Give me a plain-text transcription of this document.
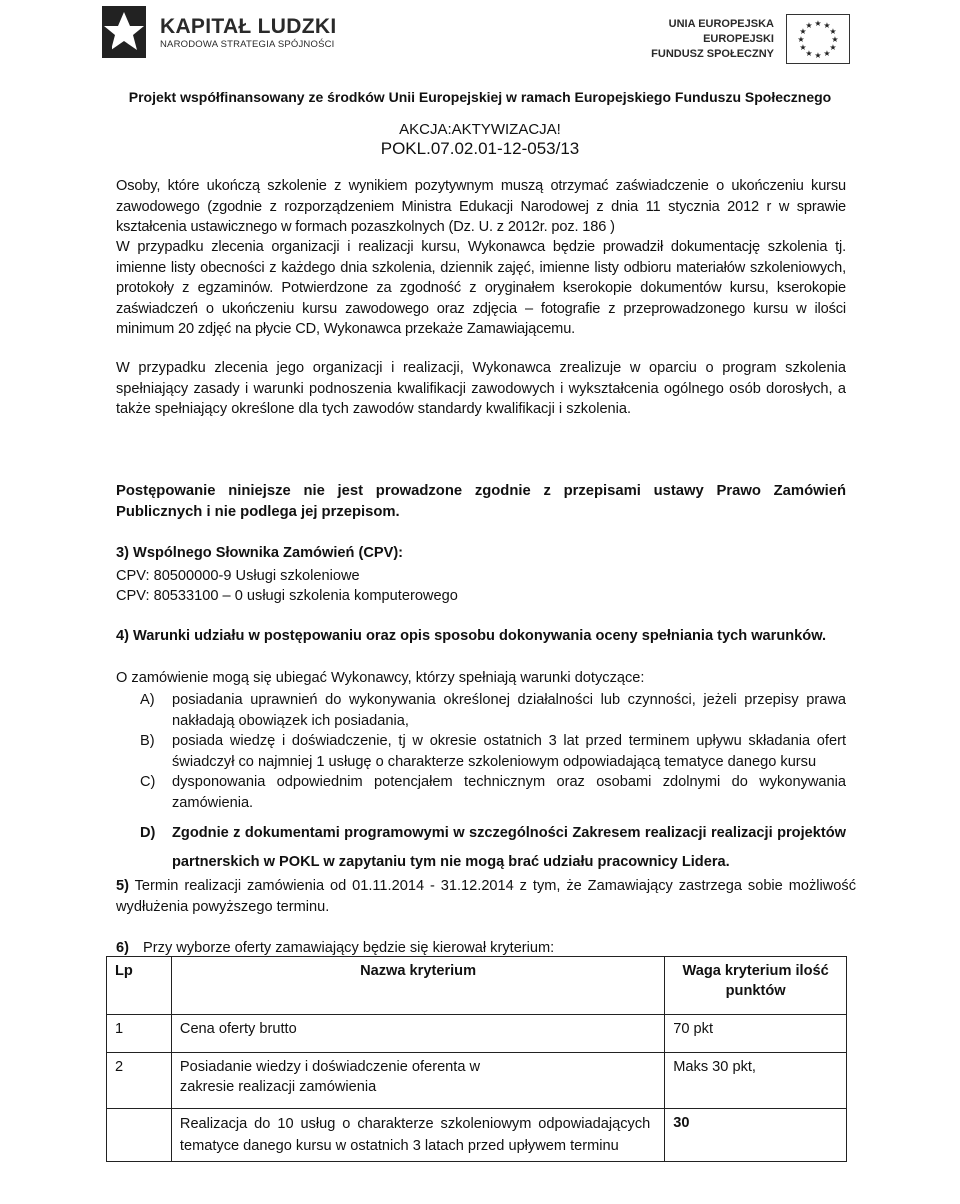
KAPITAŁ LUDZKI
NARODOWA STRATEGIA SPÓJNOŚCI
UNIA EUROPEJSKA
EUROPEJSKI
FUNDUSZ SPOŁECZNY
★ ★
★
★
★
★
★
★
★
★
★
★
Projekt współfinansowany ze środków Unii Europejskiej w ramach Europejskiego Funduszu Społecznego
AKCJA:AKTYWIZACJA!
POKL.07.02.01-12-053/13
Osoby, które ukończą szkolenie z wynikiem pozytywnym muszą otrzymać zaświadczenie o ukończeniu kursu zawodowego (zgodnie z rozporządzeniem Ministra Edukacji Narodowej z dnia 11 stycznia 2012 r w sprawie kształcenia ustawicznego w formach pozaszkolnych (Dz. U. z 2012r. poz. 186 )
W przypadku zlecenia organizacji i realizacji kursu, Wykonawca będzie prowadził dokumentację szkolenia tj. imienne listy obecności z każdego dnia szkolenia, dziennik zajęć, imienne listy odbioru materiałów szkoleniowych, protokoły z egzaminów. Potwierdzone za zgodność z oryginałem kserokopie dokumentów kursu, kserokopie zaświadczeń o ukończeniu kursu zawodowego oraz zdjęcia – fotografie z przeprowadzonego kursu w ilości minimum 20 zdjęć na płycie CD, Wykonawca przekaże Zamawiającemu.
W przypadku zlecenia jego organizacji i realizacji, Wykonawca zrealizuje w oparciu o program szkolenia spełniający zasady i warunki podnoszenia kwalifikacji zawodowych i wykształcenia ogólnego osób dorosłych, a także spełniający określone dla tych zawodów standardy kwalifikacji i szkolenia.
Postępowanie niniejsze nie jest prowadzone zgodnie z przepisami ustawy Prawo Zamówień Publicznych i nie podlega jej przepisom.
3) Wspólnego Słownika Zamówień (CPV):
CPV: 80500000-9 Usługi szkoleniowe
CPV: 80533100 – 0 usługi szkolenia komputerowego
4) Warunki udziału w postępowaniu oraz opis sposobu dokonywania oceny spełniania tych warunków.
O zamówienie mogą się ubiegać Wykonawcy, którzy spełniają warunki dotyczące:
A)	posiadania uprawnień do wykonywania określonej działalności lub czynności, jeżeli przepisy prawa nakładają obowiązek ich posiadania,
B)	posiada wiedzę i doświadczenie, tj w okresie ostatnich 3 lat przed terminem upływu składania ofert świadczył co najmniej 1 usługę o charakterze szkoleniowym odpowiadającą tematyce danego kursu
C)	dysponowania odpowiednim potencjałem technicznym oraz osobami zdolnymi do wykonywania zamówienia.
D)	Zgodnie z dokumentami programowymi w szczególności Zakresem realizacji realizacji projektów partnerskich w POKL w zapytaniu tym nie mogą brać udziału pracownicy Lidera.
5) Termin realizacji zamówienia od 01.11.2014 - 31.12.2014 z tym, że Zamawiający zastrzega sobie możliwość wydłużenia powyższego terminu.
6) Przy wyborze oferty zamawiający będzie się kierował kryterium:
Lp	Nazwa kryterium	Waga kryterium ilość punktów
1	Cena oferty brutto	70 pkt
2	Posiadanie wiedzy i doświadczenie oferenta w zakresie realizacji zamówienia	Maks 30 pkt,
	Realizacja do 10 usług o charakterze szkoleniowym odpowiadających tematyce danego kursu w ostatnich 3 latach przed upływem terminu	30
